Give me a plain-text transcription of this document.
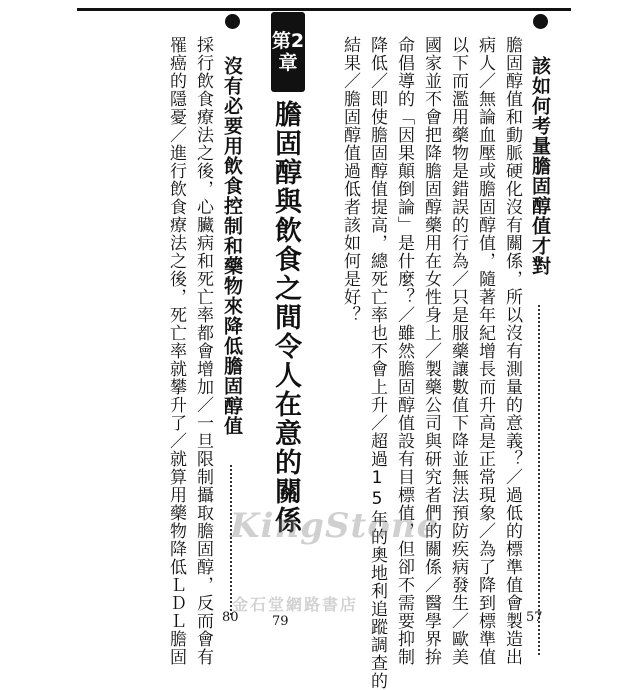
該如何考量膽固醇值才對
57

膽固醇值和動脈硬化沒有關係，所以沒有測量的意義？／過低的標準值會製造出

病人／無論血壓或膽固醇值，隨著年紀增長而升高是正常現象／為了降到標準值

以下而濫用藥物是錯誤的行為／只是服藥讓數值下降並無法預防疾病發生／歐美

國家並不會把降膽固醇藥用在女性身上／製藥公司與研究者們的關係／醫學界拚

命倡導的「因果顛倒論」是什麼？／雖然膽固醇值設有目標值，但卻不需要抑制

降低／即使膽固醇值提高，總死亡率也不會上升／超過15年的奧地利追蹤調查的

結果／膽固醇值過低者該如何是好？

第2
章
膽固醇與飲食之間令人在意的關係
79
沒有必要用飲食控制和藥物來降低膽固醇值
80

採行飲食療法之後，心臟病和死亡率都會增加／一旦限制攝取膽固醇，反而會有

罹癌的隱憂／進行飲食療法之後，死亡率就攀升了／就算用藥物降低ＬＤＬ膽固 KingStone
金石堂網路書店
